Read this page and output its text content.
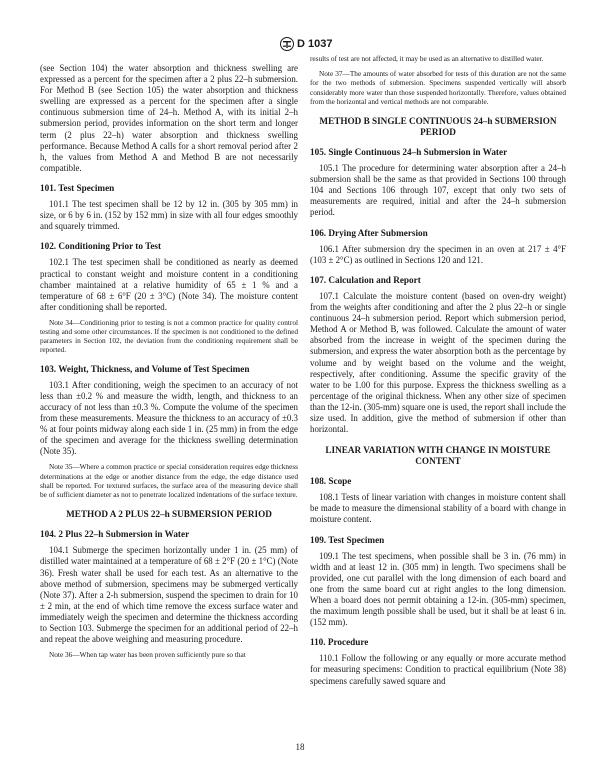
D 1037

(see Section 104) the water absorption and thickness swelling are expressed as a percent for the specimen after a 2 plus 22–h submersion. For Method B (see Section 105) the water absorption and thickness swelling are expressed as a percent for the specimen after a single continuous submersion time of 24–h. Method A, with its initial 2–h submersion period, provides information on the short term and longer term (2 plus 22–h) water absorption and thickness swelling performance. Because Method A calls for a short removal period after 2 h, the values from Method A and Method B are not necessarily compatible.

101. Test Specimen

101.1 The test specimen shall be 12 by 12 in. (305 by 305 mm) in size, or 6 by 6 in. (152 by 152 mm) in size with all four edges smoothly and squarely trimmed.

102. Conditioning Prior to Test

102.1 The test specimen shall be conditioned as nearly as deemed practical to constant weight and moisture content in a conditioning chamber maintained at a relative humidity of 65 ± 1 % and a temperature of 68 ± 6°F (20 ± 3°C) (Note 34). The moisture content after conditioning shall be reported.

Note 34—Conditioning prior to testing is not a common practice for quality control testing and some other circumstances. If the specimen is not conditioned to the defined parameters in Section 102, the deviation from the conditioning requirement shall be reported.

103. Weight, Thickness, and Volume of Test Specimen

103.1 After conditioning, weigh the specimen to an accuracy of not less than ±0.2 % and measure the width, length, and thickness to an accuracy of not less than ±0.3 %. Compute the volume of the specimen from these measurements. Measure the thickness to an accuracy of ±0.3 % at four points midway along each side 1 in. (25 mm) in from the edge of the specimen and average for the thickness swelling determination (Note 35).

Note 35—Where a common practice or special consideration requires edge thickness determinations at the edge or another distance from the edge, the edge distance used shall be reported. For textured surfaces, the surface area of the measuring device shall be of sufficient diameter as not to penetrate localized indentations of the surface texture.

METHOD A 2 PLUS 22–h SUBMERSION PERIOD
104. 2 Plus 22–h Submersion in Water

104.1 Submerge the specimen horizontally under 1 in. (25 mm) of distilled water maintained at a temperature of 68 ± 2°F (20 ± 1°C) (Note 36). Fresh water shall be used for each test. As an alternative to the above method of submersion, specimens may be submerged vertically (Note 37). After a 2-h submersion, suspend the specimen to drain for 10 ± 2 min, at the end of which time remove the excess surface water and immediately weigh the specimen and determine the thickness according to Section 103. Submerge the specimen for an additional period of 22–h and repeat the above weighing and measuring procedure.

Note 36—When tap water has been proven sufficiently pure so that

results of test are not affected, it may be used as an alternative to distilled water.

Note 37—The amounts of water absorbed for tests of this duration are not the same for the two methods of submersion. Specimens suspended vertically will absorb considerably more water than those suspended horizontally. Therefore, values obtained from the horizontal and vertical methods are not comparable.

METHOD B SINGLE CONTINUOUS 24–h SUBMERSION PERIOD
105. Single Continuous 24–h Submersion in Water

105.1 The procedure for determining water absorption after a 24–h submersion shall be the same as that provided in Sections 100 through 104 and Sections 106 through 107, except that only two sets of measurements are required, initial and after the 24–h submersion period.

106. Drying After Submersion

106.1 After submersion dry the specimen in an oven at 217 ± 4°F (103 ± 2°C) as outlined in Sections 120 and 121.

107. Calculation and Report

107.1 Calculate the moisture content (based on oven-dry weight) from the weights after conditioning and after the 2 plus 22–h or single continuous 24–h submersion period. Report which submersion period, Method A or Method B, was followed. Calculate the amount of water absorbed from the increase in weight of the specimen during the submersion, and express the water absorption both as the percentage by volume and by weight based on the volume and the weight, respectively, after conditioning. Assume the specific gravity of the water to be 1.00 for this purpose. Express the thickness swelling as a percentage of the original thickness. When any other size of specimen than the 12-in. (305-mm) square one is used, the report shall include the size used. In addition, give the method of submersion if other than horizontal.

LINEAR VARIATION WITH CHANGE IN MOISTURE CONTENT
108. Scope

108.1 Tests of linear variation with changes in moisture content shall be made to measure the dimensional stability of a board with change in moisture content.

109. Test Specimen

109.1 The test specimens, when possible shall be 3 in. (76 mm) in width and at least 12 in. (305 mm) in length. Two specimens shall be provided, one cut parallel with the long dimension of each board and one from the same board cut at right angles to the long dimension. When a board does not permit obtaining a 12-in. (305-mm) specimen, the maximum length possible shall be used, but it shall be at least 6 in. (152 mm).

110. Procedure

110.1 Follow the following or any equally or more accurate method for measuring specimens: Condition to practical equilibrium (Note 38) specimens carefully sawed square and

18
